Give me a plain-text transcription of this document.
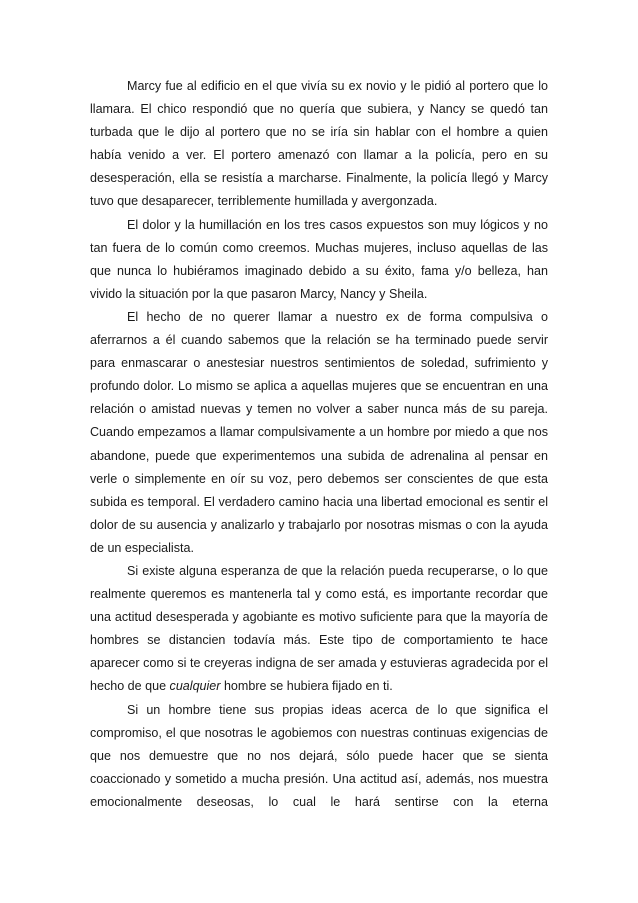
Marcy fue al edificio en el que vivía su ex novio y le pidió al portero que lo llamara. El chico respondió que no quería que subiera, y Nancy se quedó tan turbada que le dijo al portero que no se iría sin hablar con el hombre a quien había venido a ver. El portero amenazó con llamar a la policía, pero en su desesperación, ella se resistía a marcharse. Finalmente, la policía llegó y Marcy tuvo que desaparecer, terriblemente humillada y avergonzada.

El dolor y la humillación en los tres casos expuestos son muy lógicos y no tan fuera de lo común como creemos. Muchas mujeres, incluso aquellas de las que nunca lo hubiéramos imaginado debido a su éxito, fama y/o belleza, han vivido la situación por la que pasaron Marcy, Nancy y Sheila.

El hecho de no querer llamar a nuestro ex de forma compulsiva o aferrarnos a él cuando sabemos que la relación se ha terminado puede servir para enmascarar o anestesiar nuestros sentimientos de soledad, sufrimiento y profundo dolor. Lo mismo se aplica a aquellas mujeres que se encuentran en una relación o amistad nuevas y temen no volver a saber nunca más de su pareja. Cuando empezamos a llamar compulsivamente a un hombre por miedo a que nos abandone, puede que experimentemos una subida de adrenalina al pensar en verle o simplemente en oír su voz, pero debemos ser conscientes de que esta subida es temporal. El verdadero camino hacia una libertad emocional es sentir el dolor de su ausencia y analizarlo y trabajarlo por nosotras mismas o con la ayuda de un especialista.

Si existe alguna esperanza de que la relación pueda recuperarse, o lo que realmente queremos es mantenerla tal y como está, es importante recordar que una actitud desesperada y agobiante es motivo suficiente para que la mayoría de hombres se distancien todavía más. Este tipo de comportamiento te hace aparecer como si te creyeras indigna de ser amada y estuvieras agradecida por el hecho de que cualquier hombre se hubiera fijado en ti.

Si un hombre tiene sus propias ideas acerca de lo que significa el compromiso, el que nosotras le agobiemos con nuestras continuas exigencias de que nos demuestre que no nos dejará, sólo puede hacer que se sienta coaccionado y sometido a mucha presión. Una actitud así, además, nos muestra emocionalmente deseosas, lo cual le hará sentirse con la eterna
